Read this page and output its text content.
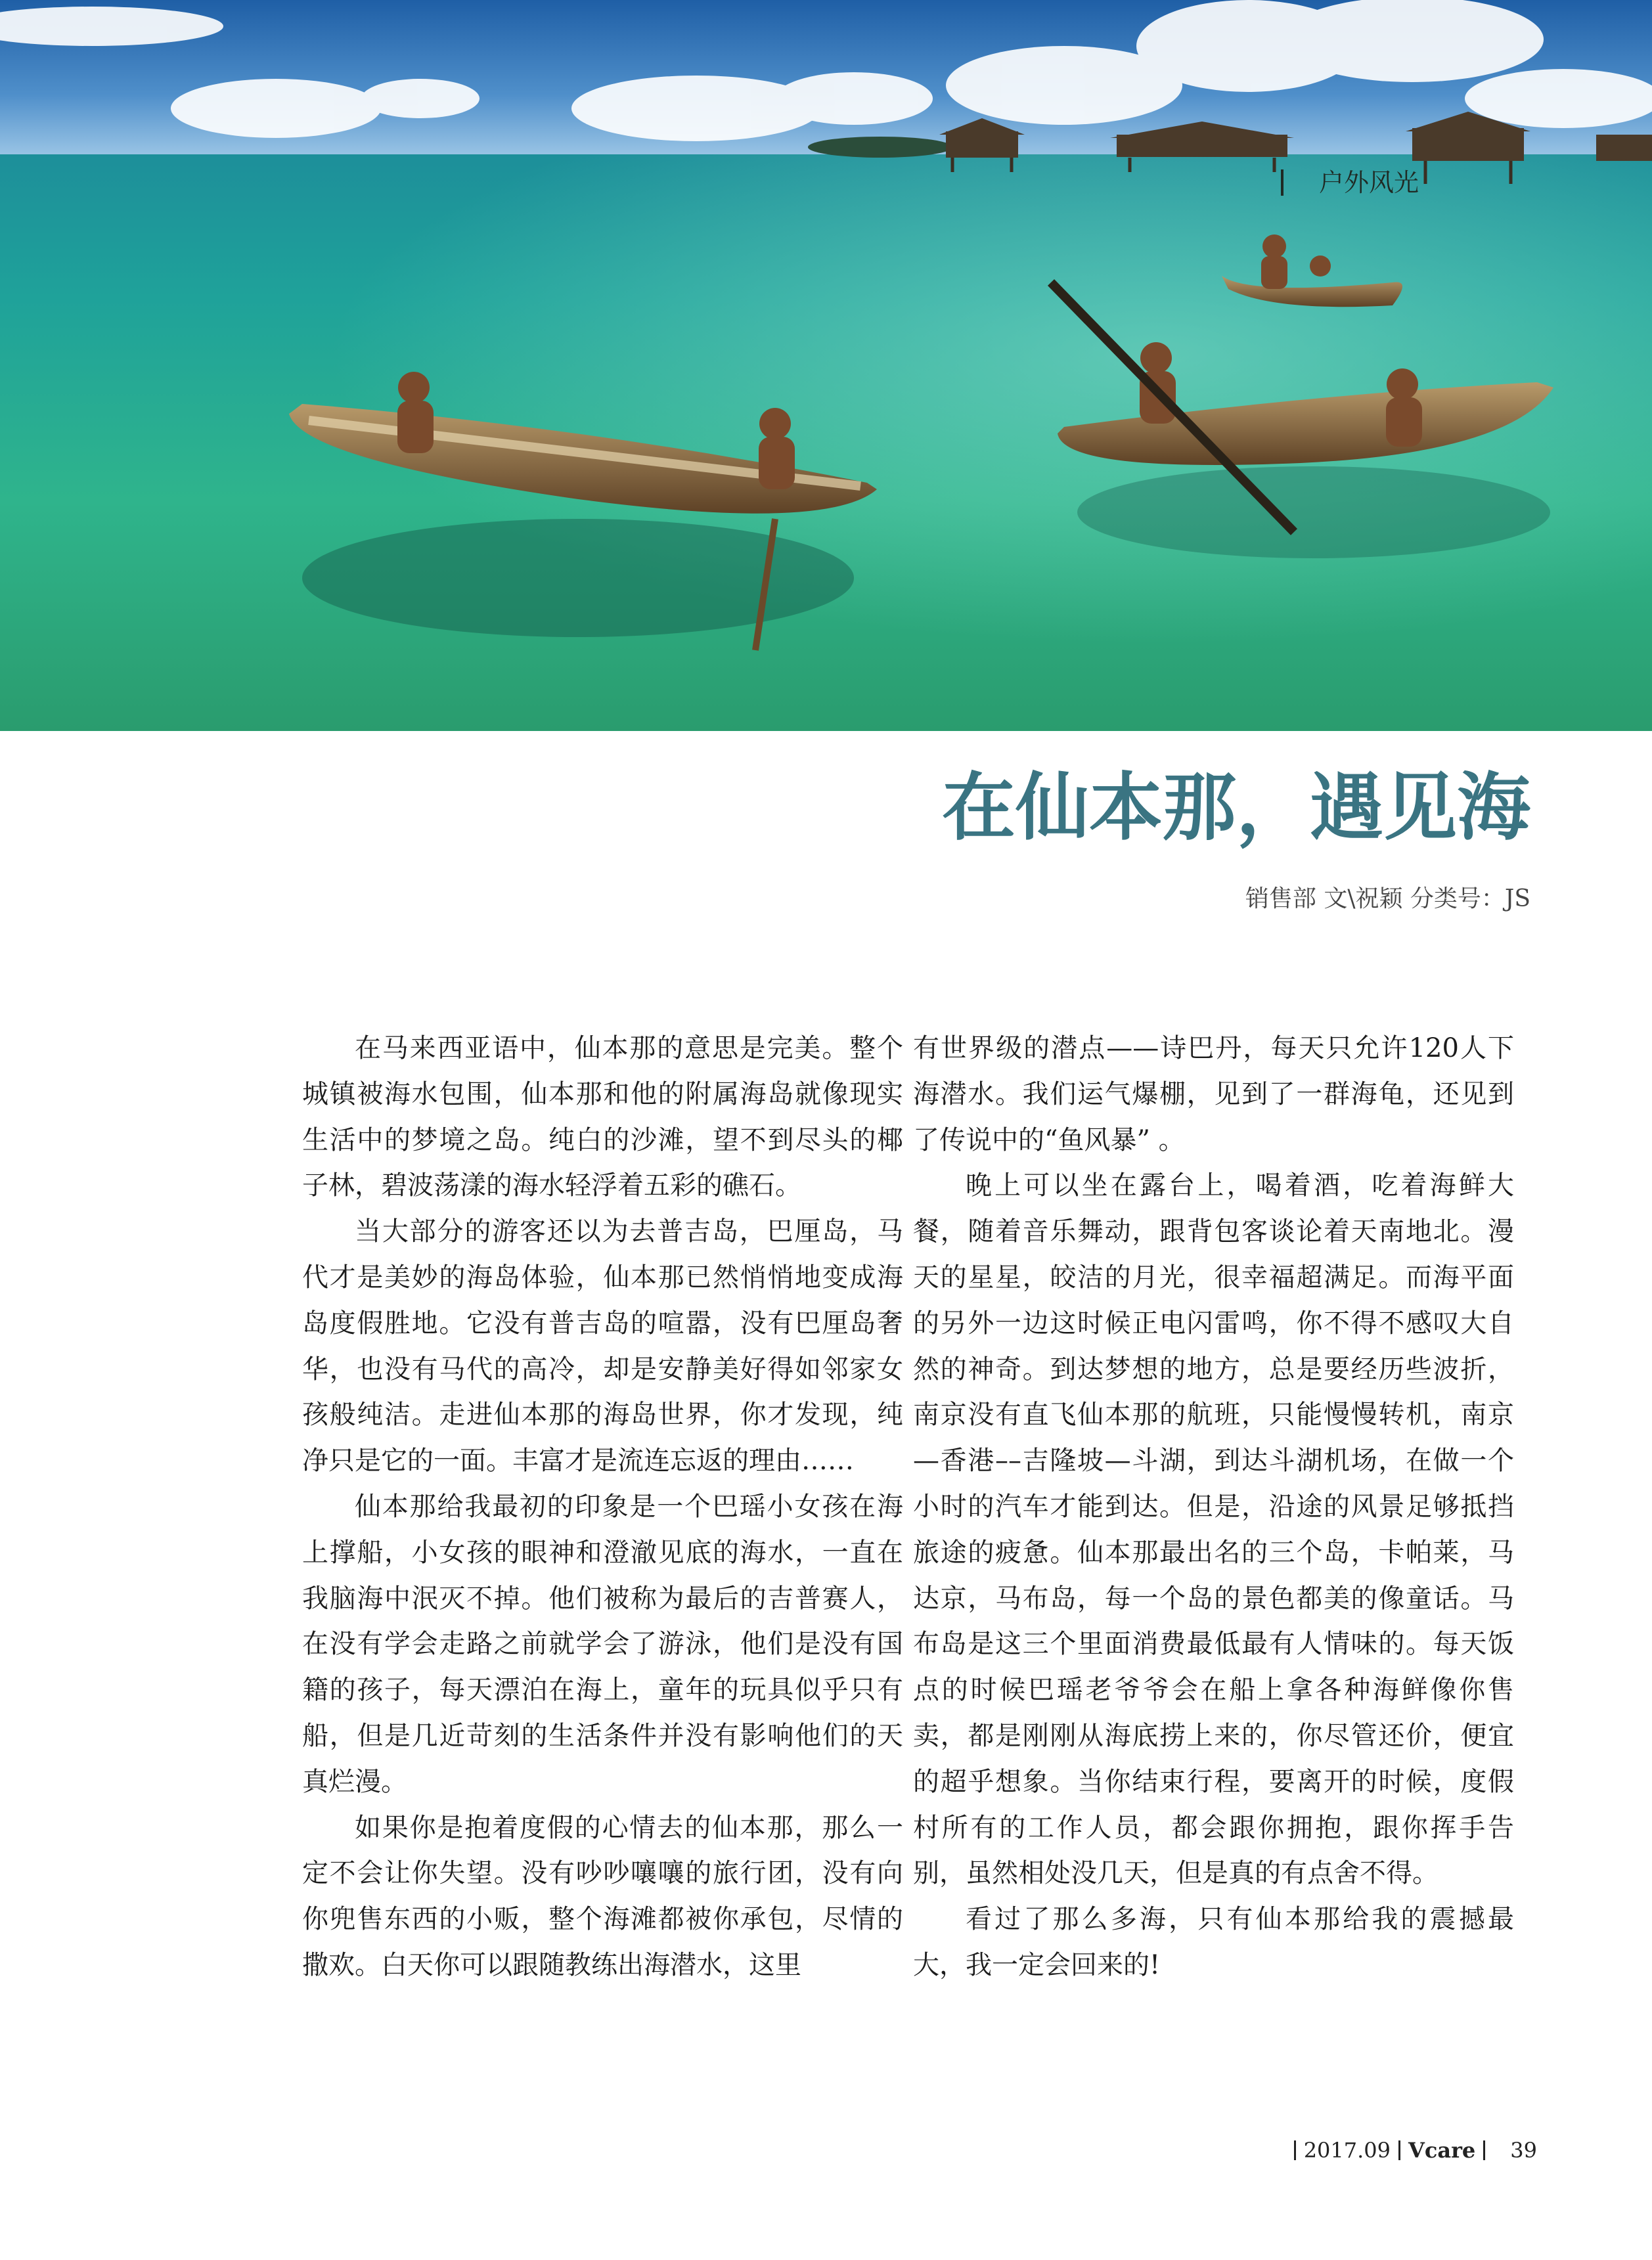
户外风光
在仙本那，遇见海
销售部 文\祝颖 分类号：JS

在马来西亚语中，仙本那的意思是完美。整个城镇被海水包围，仙本那和他的附属海岛就像现实生活中的梦境之岛。纯白的沙滩，望不到尽头的椰子林，碧波荡漾的海水轻浮着五彩的礁石。

当大部分的游客还以为去普吉岛，巴厘岛，马代才是美妙的海岛体验，仙本那已然悄悄地变成海岛度假胜地。它没有普吉岛的喧嚣，没有巴厘岛奢华，也没有马代的高冷，却是安静美好得如邻家女孩般纯洁。走进仙本那的海岛世界，你才发现，纯净只是它的一面。丰富才是流连忘返的理由……

仙本那给我最初的印象是一个巴瑶小女孩在海上撑船，小女孩的眼神和澄澈见底的海水，一直在我脑海中泯灭不掉。他们被称为最后的吉普赛人，在没有学会走路之前就学会了游泳，他们是没有国籍的孩子，每天漂泊在海上，童年的玩具似乎只有船，但是几近苛刻的生活条件并没有影响他们的天真烂漫。

如果你是抱着度假的心情去的仙本那，那么一定不会让你失望。没有吵吵嚷嚷的旅行团，没有向你兜售东西的小贩，整个海滩都被你承包，尽情的撒欢。白天你可以跟随教练出海潜水，这里

有世界级的潜点——诗巴丹，每天只允许120人下海潜水。我们运气爆棚，见到了一群海龟，还见到了传说中的“鱼风暴” 。

晚上可以坐在露台上，喝着酒，吃着海鲜大餐，随着音乐舞动，跟背包客谈论着天南地北。漫天的星星，皎洁的月光，很幸福超满足。而海平面的另外一边这时候正电闪雷鸣，你不得不感叹大自然的神奇。到达梦想的地方，总是要经历些波折，南京没有直飞仙本那的航班，只能慢慢转机，南京—香港––吉隆坡—斗湖，到达斗湖机场，在做一个小时的汽车才能到达。但是，沿途的风景足够抵挡旅途的疲惫。仙本那最出名的三个岛，卡帕莱，马达京，马布岛，每一个岛的景色都美的像童话。马布岛是这三个里面消费最低最有人情味的。每天饭点的时候巴瑶老爷爷会在船上拿各种海鲜像你售卖，都是刚刚从海底捞上来的，你尽管还价，便宜的超乎想象。当你结束行程，要离开的时候，度假村所有的工作人员，都会跟你拥抱，跟你挥手告别，虽然相处没几天，但是真的有点舍不得。

看过了那么多海，只有仙本那给我的震撼最大，我一定会回来的!

2017.09 Vcare 39
